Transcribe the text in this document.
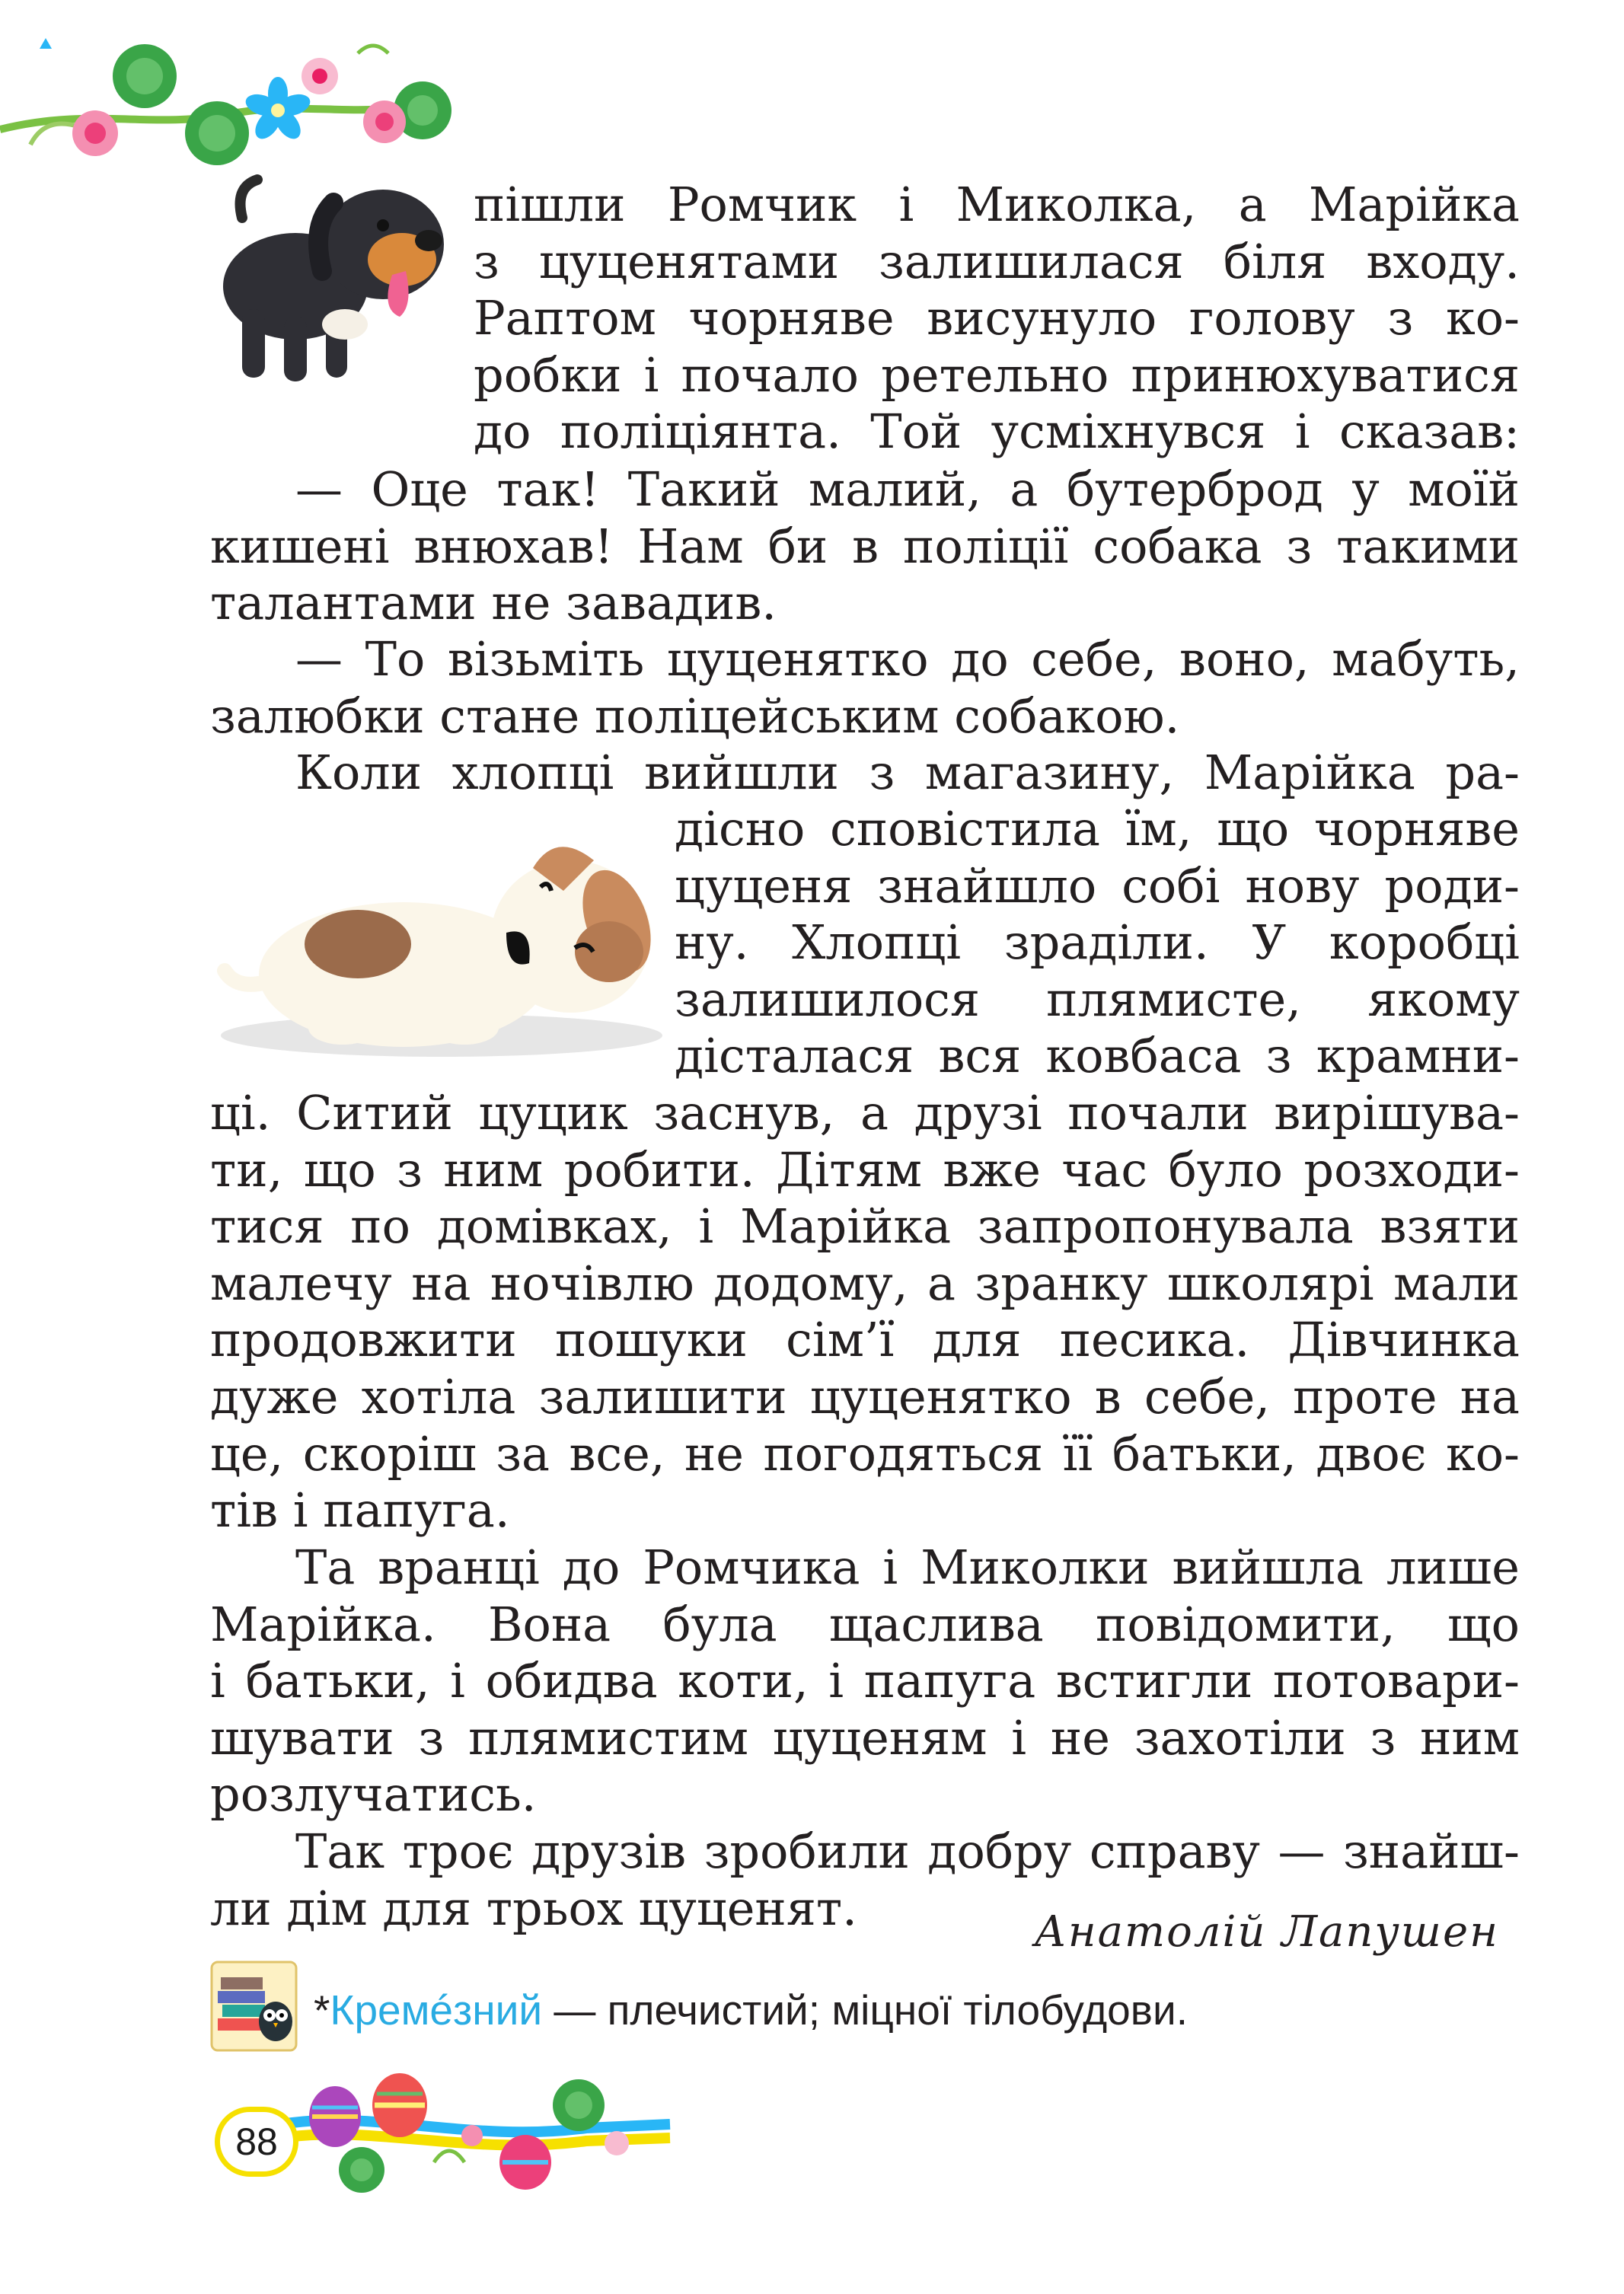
пішли Ромчик і Миколка, а Марійка
з цуценятами залишилася біля входу.
Раптом чорняве висунуло голову з ко-
робки і почало ретельно принюхуватися
до поліціянта. Той усміхнувся і сказав:

— Оце так! Такий малий, а бутерброд у моїй
кишені внюхав! Нам би в поліції собака з такими
талантами не завадив.

— То візьміть цуценятко до себе, воно, мабуть,
залюбки стане поліцейським собакою.

Коли хлопці вийшли з магазину, Марійка ра-

дісно сповістила їм, що чорняве
цуценя знайшло собі нову роди-
ну. Хлопці зраділи. У коробці
залишилося плямисте, якому
дісталася вся ковбаса з крамни-

ці. Ситий цуцик заснув, а друзі почали вирішува-
ти, що з ним робити. Дітям вже час було розходи-
тися по домівках, і Марійка запропонувала взяти
малечу на ночівлю додому, а зранку школярі мали
продовжити пошуки сім’ї для песика. Дівчинка
дуже хотіла залишити цуценятко в себе, проте на
це, скоріш за все, не погодяться її батьки, двоє ко-
тів і папуга.

Та вранці до Ромчика і Миколки вийшла лише
Марійка. Вона була щаслива повідомити, що
і батьки, і обидва коти, і папуга встигли потовари-
шувати з плямистим цуценям і не захотіли з ним
розлучатись.

Так троє друзів зробили добру справу — знайш-
ли дім для трьох цуценят.	Анатолій Лапушен
*Кремéзний — плечистий; міцної тілобудови.
88
